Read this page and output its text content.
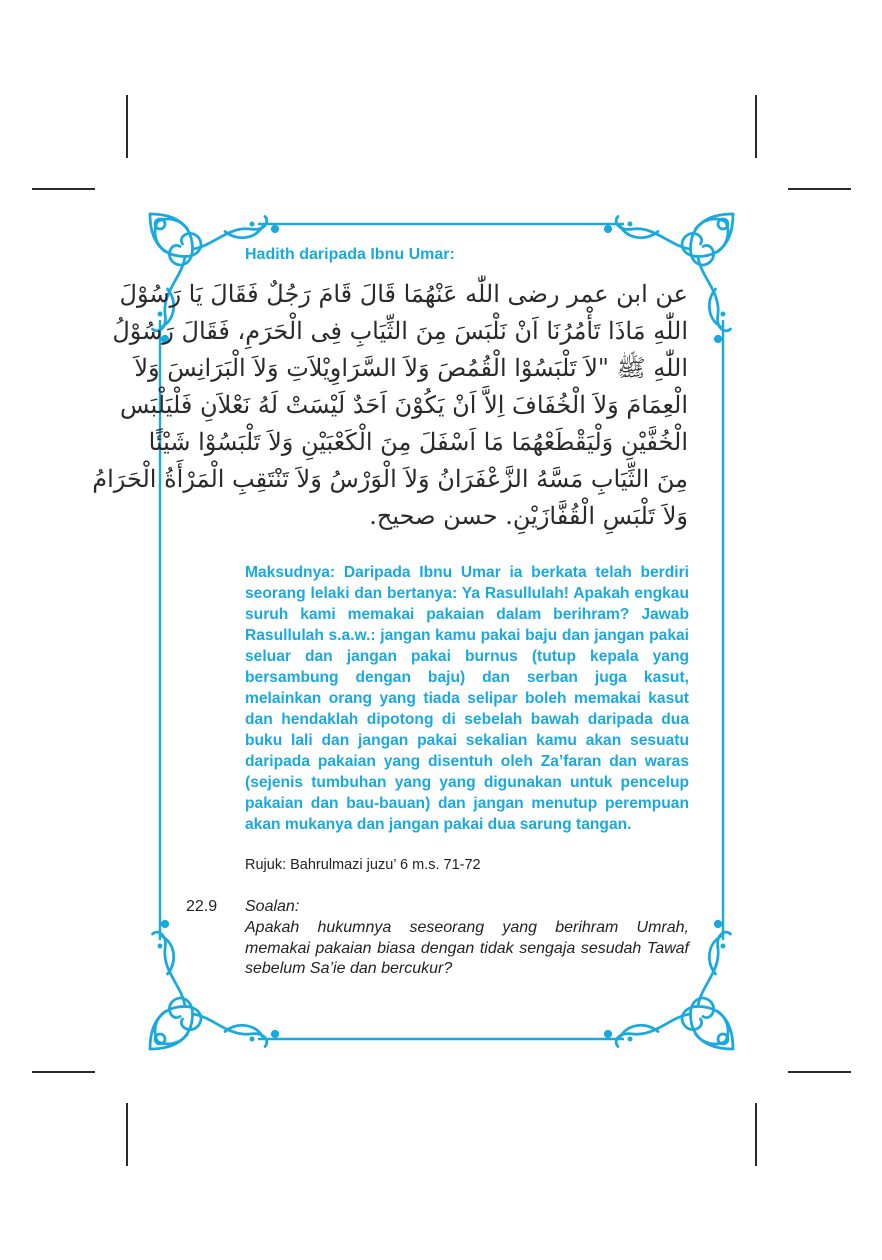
Hadith daripada Ibnu Umar:
عن ابن عمر رضى اللّٰه عَنْهُمَا قَالَ قَامَ رَجُلٌ فَقَالَ يَا رَسُوْلَ
اللّٰهِ مَاذَا تَأْمُرُنَا اَنْ نَلْبَسَ مِنَ الثِّيَابِ فِى الْحَرَمِ، فَقَالَ رَسُوْلُ
اللّٰهِ ﷺ "لاَ تَلْبَسُوْا الْقُمُصَ وَلاَ السَّرَاوِيْلاَتِ وَلاَ الْبَرَانِسَ وَلاَ
الْعِمَامَ وَلاَ الْخُفَافَ اِلاَّ اَنْ يَكُوْنَ اَحَدٌ لَيْسَتْ لَهُ نَعْلاَنِ فَلْيَلْبَس
الْخُفَّيْنِ وَلْيَقْطَعْهُمَا مَا اَسْفَلَ مِنَ الْكَعْبَيْنِ وَلاَ تَلْبَسُوْا شَيْئًا
مِنَ الثِّيَابِ مَسَّهُ الزَّعْفَرَانُ وَلاَ الْوَرْسُ وَلاَ تَنْتَقِبِ الْمَرْأَةُ الْحَرَامُ
وَلاَ تَلْبَسِ الْقُفَّازَيْنِ. حسن صحيح.
Maksudnya: Daripada Ibnu Umar ia berkata telah berdiri seorang lelaki dan bertanya: Ya Rasullulah! Apakah engkau suruh kami memakai pakaian dalam berihram? Jawab Rasullulah s.a.w.: jangan kamu pakai baju dan jangan pakai seluar dan jangan pakai burnus (tutup kepala yang bersambung dengan baju) dan serban juga kasut, melainkan orang yang tiada selipar boleh memakai kasut dan hendaklah dipotong di sebelah bawah daripada dua buku lali dan jangan pakai sekalian kamu akan sesuatu daripada pakaian yang disentuh oleh Za’faran dan waras (sejenis tumbuhan yang yang digunakan untuk pencelup pakaian dan bau-bauan) dan jangan menutup perempuan akan mukanya dan jangan pakai dua sarung tangan.
Rujuk: Bahrulmazi juzu’ 6 m.s. 71-72
22.9 Soalan:
Apakah hukumnya seseorang yang berihram Umrah, memakai pakaian biasa dengan tidak sengaja sesudah Tawaf sebelum Sa’ie dan bercukur?
